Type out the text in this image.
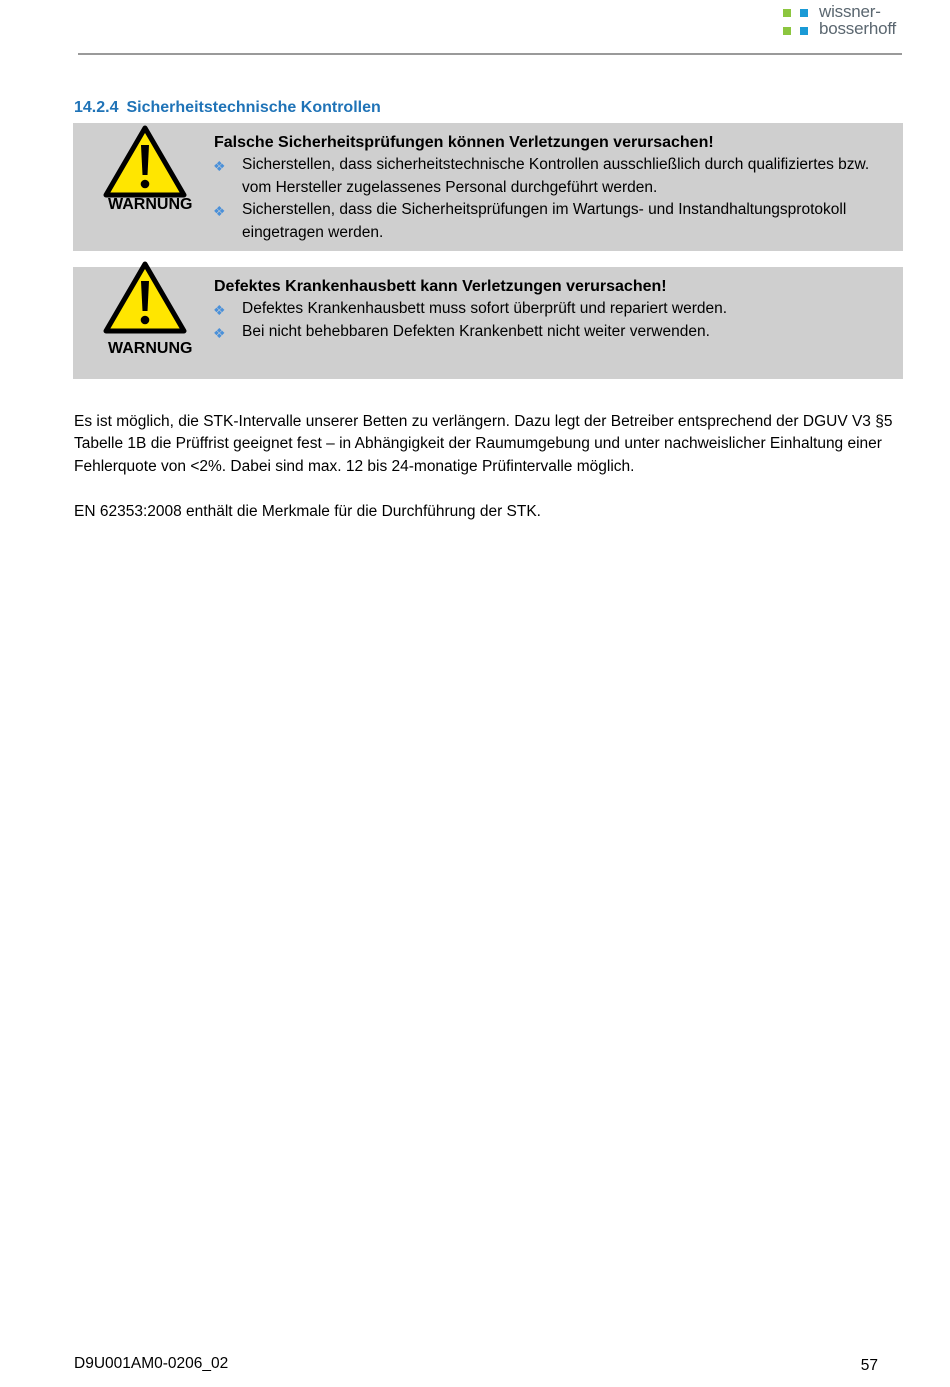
wissner-
bosserhoff
14.2.4 Sicherheitstechnische Kontrollen
WARNUNG

Falsche Sicherheitsprüfungen können Verletzungen verursachen!

❖ Sicherstellen, dass sicherheitstechnische Kontrollen ausschließlich durch qualifiziertes bzw. vom Hersteller zugelassenes Personal durchgeführt werden.
❖ Sicherstellen, dass die Sicherheitsprüfungen im Wartungs- und Instandhaltungsprotokoll eingetragen werden.
WARNUNG

Defektes Krankenhausbett kann Verletzungen verursachen!

❖ Defektes Krankenhausbett muss sofort überprüft und repariert werden.
❖ Bei nicht behebbaren Defekten Krankenbett nicht weiter verwenden.

Es ist möglich, die STK-Intervalle unserer Betten zu verlängern. Dazu legt der Betreiber entsprechend der DGUV V3 §5 Tabelle 1B die Prüffrist geeignet fest – in Abhängigkeit der Raumumgebung und unter nachweislicher Einhaltung einer Fehlerquote von <2%. Dabei sind max. 12 bis 24-monatige Prüfintervalle möglich.

EN 62353:2008 enthält die Merkmale für die Durchführung der STK.

D9U001AM0-0206_02	57
